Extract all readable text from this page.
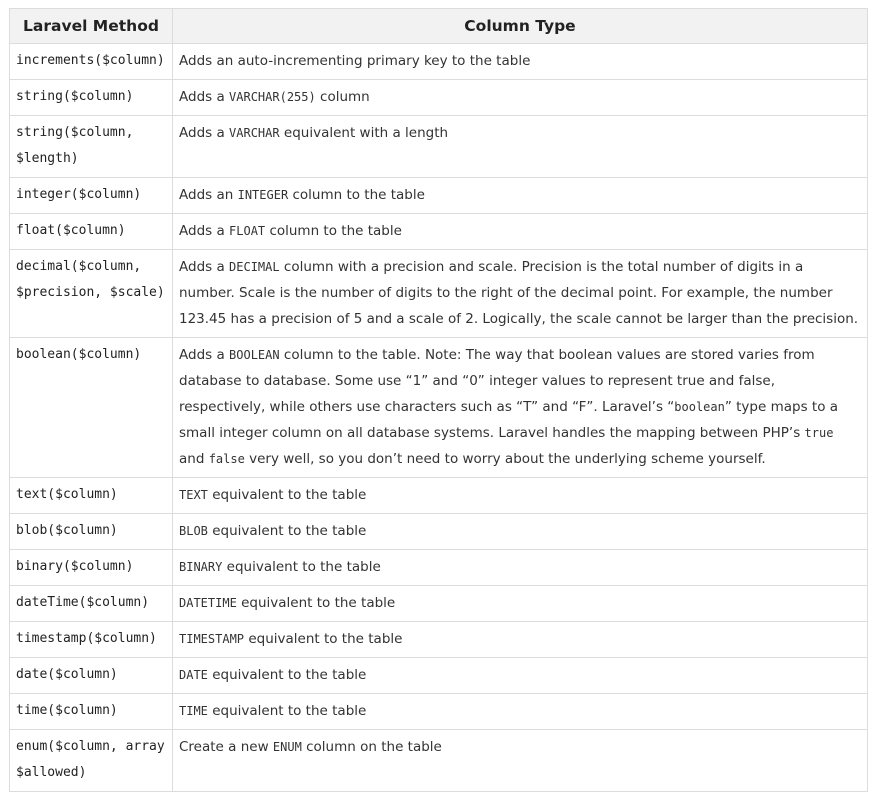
Laravel Method	Column Type
increments($column)	Adds an auto-incrementing primary key to the table
string($column)	Adds a VARCHAR(255) column
string($column, $length)	Adds a VARCHAR equivalent with a length
integer($column)	Adds an INTEGER column to the table
float($column)	Adds a FLOAT column to the table
decimal($column, $precision, $scale)	Adds a DECIMAL column with a precision and scale. Precision is the total number of digits in a number. Scale is the number of digits to the right of the decimal point. For example, the number 123.45 has a precision of 5 and a scale of 2. Logically, the scale cannot be larger than the precision.
boolean($column)	Adds a BOOLEAN column to the table. Note: The way that boolean values are stored varies from database to database. Some use “1” and “0” integer values to represent true and false, respectively, while others use characters such as “T” and “F”. Laravel’s “boolean” type maps to a small integer column on all database systems. Laravel handles the mapping between PHP’s true and false very well, so you don’t need to worry about the underlying scheme yourself.
text($column)	TEXT equivalent to the table
blob($column)	BLOB equivalent to the table
binary($column)	BINARY equivalent to the table
dateTime($column)	DATETIME equivalent to the table
timestamp($column)	TIMESTAMP equivalent to the table
date($column)	DATE equivalent to the table
time($column)	TIME equivalent to the table
enum($column, array $allowed)	Create a new ENUM column on the table
